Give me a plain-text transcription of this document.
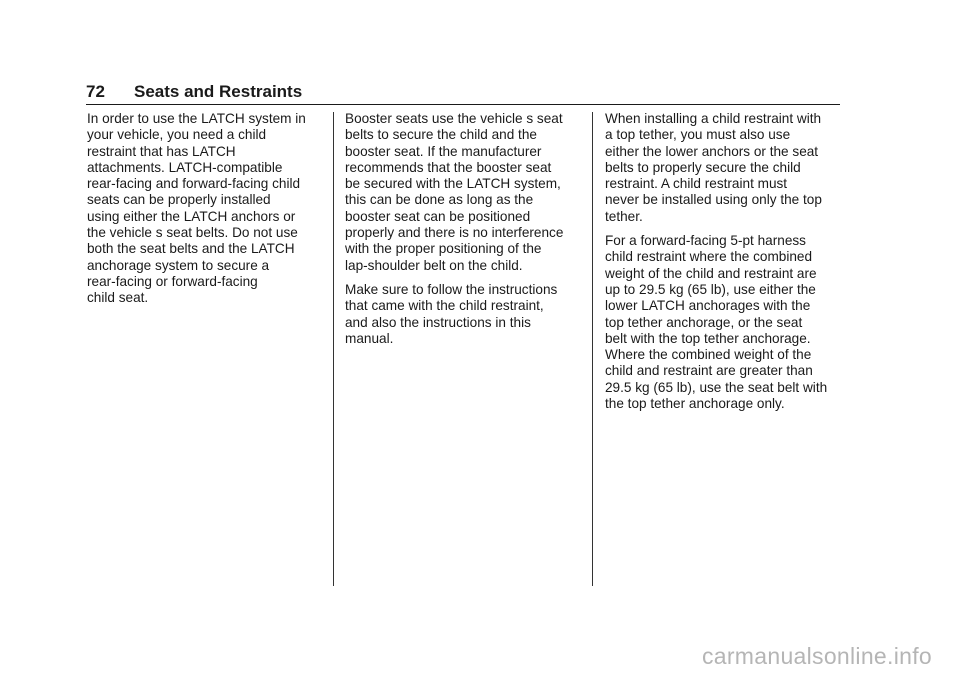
72 Seats and Restraints

In order to use the LATCH system in
your vehicle, you need a child
restraint that has LATCH
attachments. LATCH-compatible
rear-facing and forward-facing child
seats can be properly installed
using either the LATCH anchors or
the vehicle s seat belts. Do not use
both the seat belts and the LATCH
anchorage system to secure a
rear-facing or forward-facing
child seat.

Booster seats use the vehicle s seat
belts to secure the child and the
booster seat. If the manufacturer
recommends that the booster seat
be secured with the LATCH system,
this can be done as long as the
booster seat can be positioned
properly and there is no interference
with the proper positioning of the
lap-shoulder belt on the child.

Make sure to follow the instructions
that came with the child restraint,
and also the instructions in this
manual.

When installing a child restraint with
a top tether, you must also use
either the lower anchors or the seat
belts to properly secure the child
restraint. A child restraint must
never be installed using only the top
tether.

For a forward-facing 5-pt harness
child restraint where the combined
weight of the child and restraint are
up to 29.5 kg (65 lb), use either the
lower LATCH anchorages with the
top tether anchorage, or the seat
belt with the top tether anchorage.
Where the combined weight of the
child and restraint are greater than
29.5 kg (65 lb), use the seat belt with
the top tether anchorage only.

carmanualsonline.info
